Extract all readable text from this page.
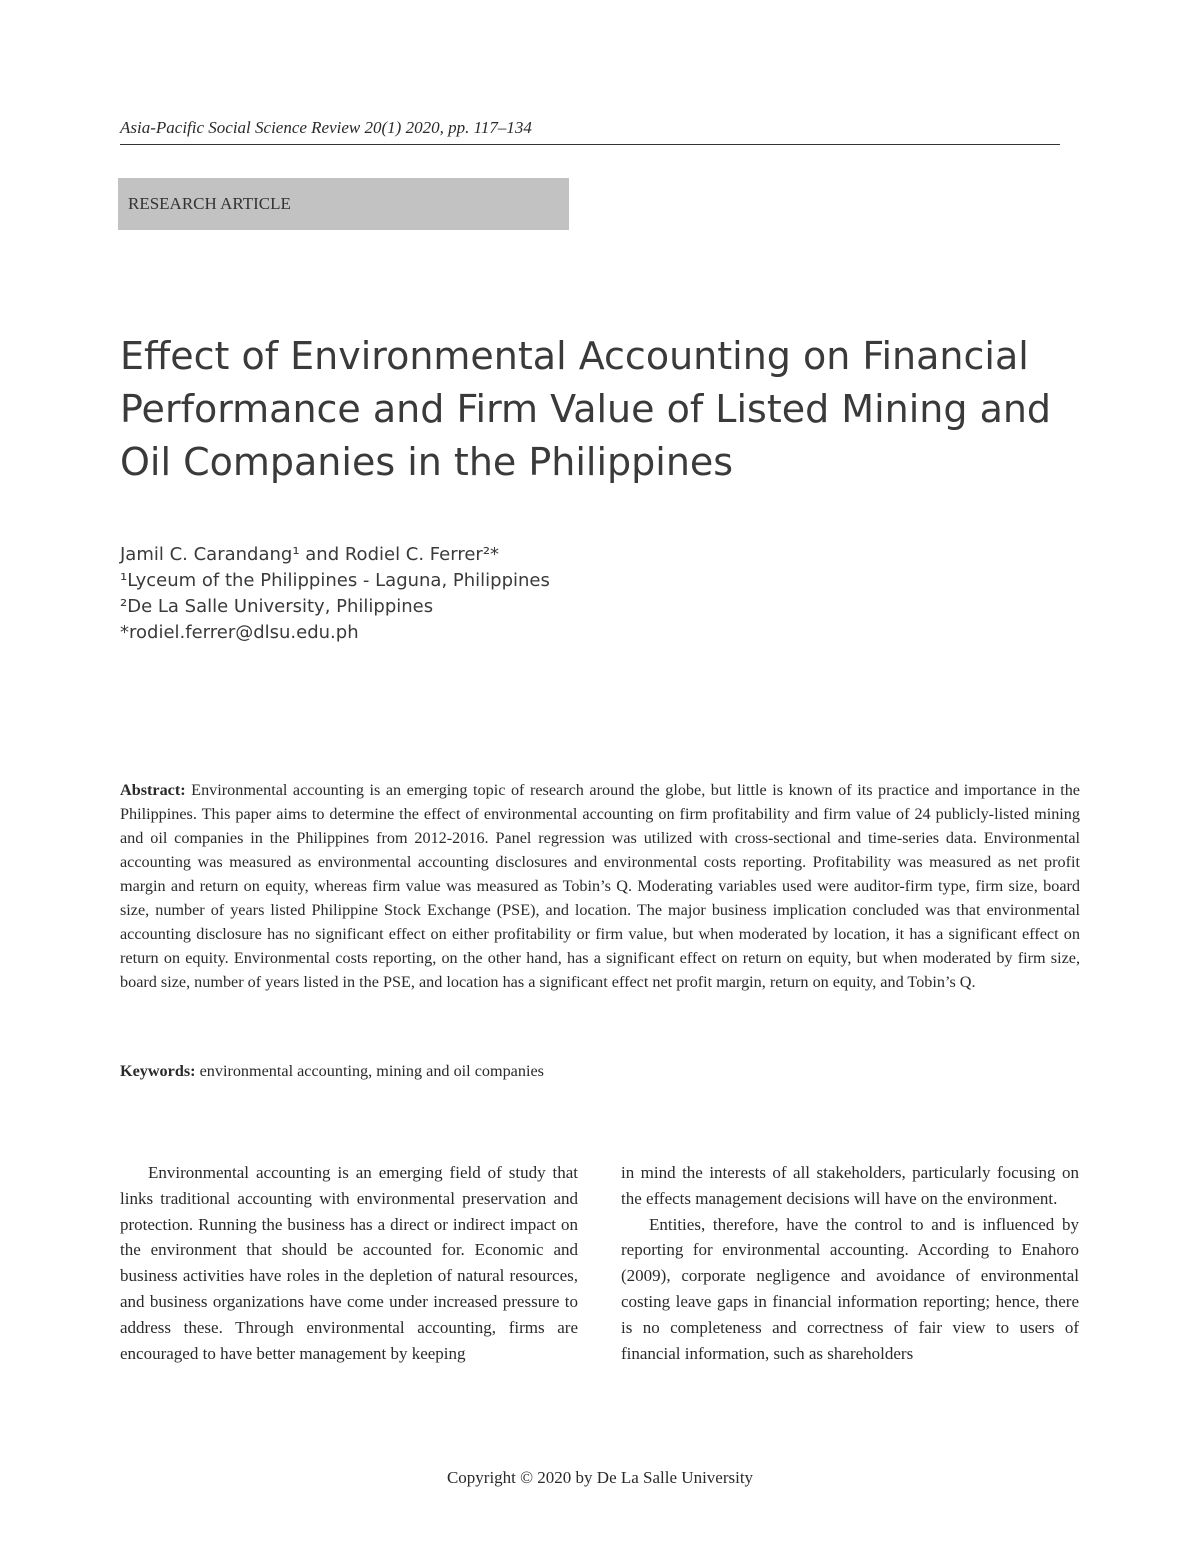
Asia-Pacific Social Science Review 20(1) 2020, pp. 117–134
RESEARCH ARTICLE
Effect of Environmental Accounting on Financial
Performance and Firm Value of Listed Mining and
Oil Companies in the Philippines
Jamil C. Carandang¹ and Rodiel C. Ferrer²*
¹Lyceum of the Philippines - Laguna, Philippines
²De La Salle University, Philippines
*rodiel.ferrer@dlsu.edu.ph

Abstract: Environmental accounting is an emerging topic of research around the globe, but little is known of its practice and importance in the Philippines. This paper aims to determine the effect of environmental accounting on firm profitability and firm value of 24 publicly-listed mining and oil companies in the Philippines from 2012-2016. Panel regression was utilized with cross-sectional and time-series data. Environmental accounting was measured as environmental accounting disclosures and environmental costs reporting. Profitability was measured as net profit margin and return on equity, whereas firm value was measured as Tobin’s Q. Moderating variables used were auditor-firm type, firm size, board size, number of years listed Philippine Stock Exchange (PSE), and location. The major business implication concluded was that environmental accounting disclosure has no significant effect on either profitability or firm value, but when moderated by location, it has a significant effect on return on equity. Environmental costs reporting, on the other hand, has a significant effect on return on equity, but when moderated by firm size, board size, number of years listed in the PSE, and location has a significant effect net profit margin, return on equity, and Tobin’s Q.

Keywords: environmental accounting, mining and oil companies

Environmental accounting is an emerging field of study that links traditional accounting with environmental preservation and protection. Running the business has a direct or indirect impact on the environment that should be accounted for. Economic and business activities have roles in the depletion of natural resources, and business organizations have come under increased pressure to address these. Through environmental accounting, firms are encouraged to have better management by keeping

in mind the interests of all stakeholders, particularly focusing on the effects management decisions will have on the environment.

Entities, therefore, have the control to and is influenced by reporting for environmental accounting. According to Enahoro (2009), corporate negligence and avoidance of environmental costing leave gaps in financial information reporting; hence, there is no completeness and correctness of fair view to users of financial information, such as shareholders

Copyright © 2020 by De La Salle University
